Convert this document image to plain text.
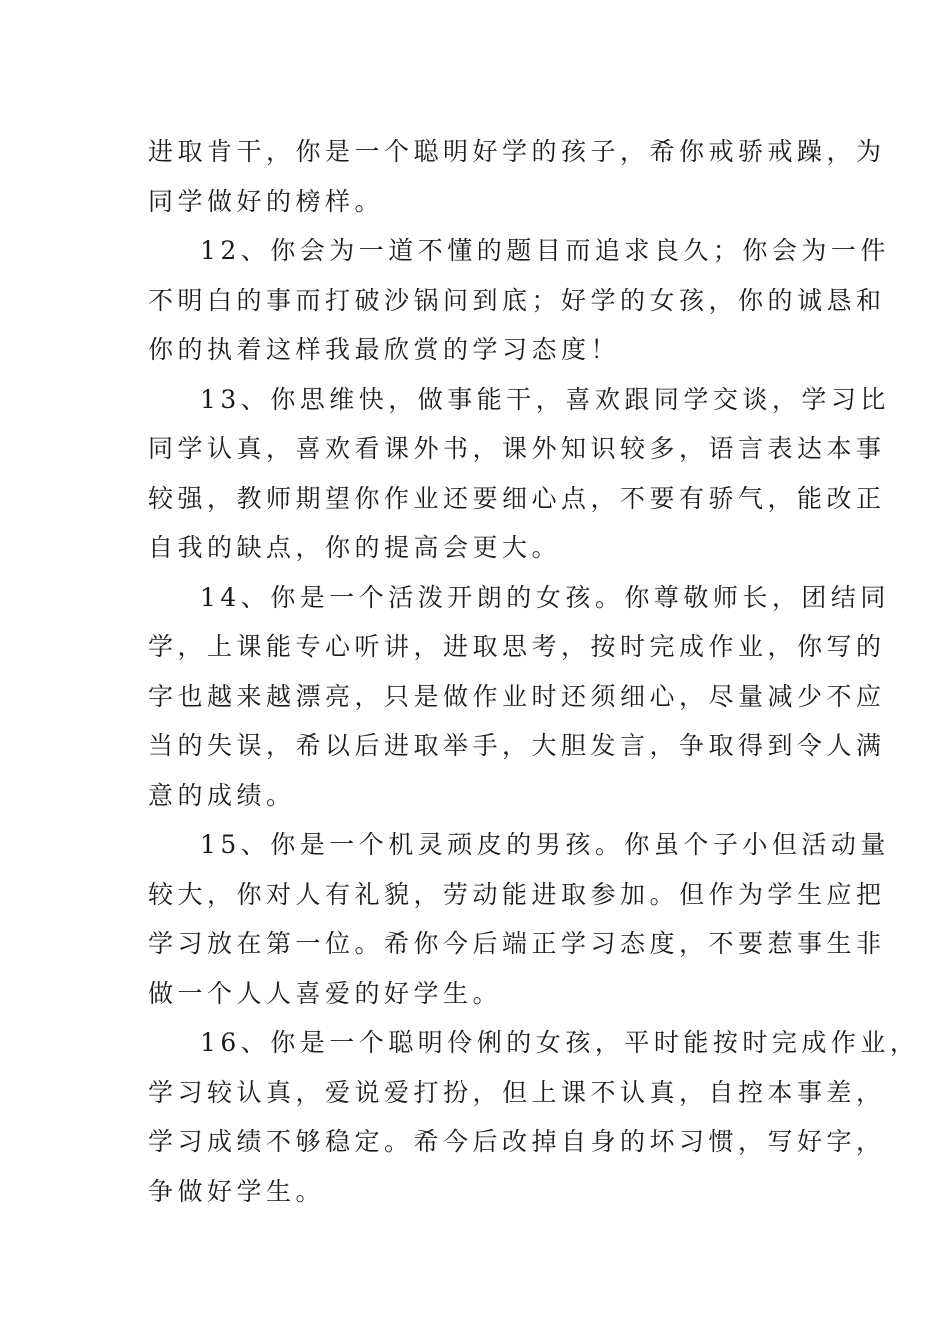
进取肯干，你是一个聪明好学的孩子，希你戒骄戒躁，为
同学做好的榜样。
12、你会为一道不懂的题目而追求良久；你会为一件
不明白的事而打破沙锅问到底；好学的女孩，你的诚恳和
你的执着这样我最欣赏的学习态度！
13、你思维快，做事能干，喜欢跟同学交谈，学习比
同学认真，喜欢看课外书，课外知识较多，语言表达本事
较强，教师期望你作业还要细心点，不要有骄气，能改正
自我的缺点，你的提高会更大。
14、你是一个活泼开朗的女孩。你尊敬师长，团结同
学，上课能专心听讲，进取思考，按时完成作业，你写的
字也越来越漂亮，只是做作业时还须细心，尽量减少不应
当的失误，希以后进取举手，大胆发言，争取得到令人满
意的成绩。
15、你是一个机灵顽皮的男孩。你虽个子小但活动量
较大，你对人有礼貌，劳动能进取参加。但作为学生应把
学习放在第一位。希你今后端正学习态度，不要惹事生非
做一个人人喜爱的好学生。
16、你是一个聪明伶俐的女孩，平时能按时完成作业，
学习较认真，爱说爱打扮，但上课不认真，自控本事差，
学习成绩不够稳定。希今后改掉自身的坏习惯，写好字，
争做好学生。
